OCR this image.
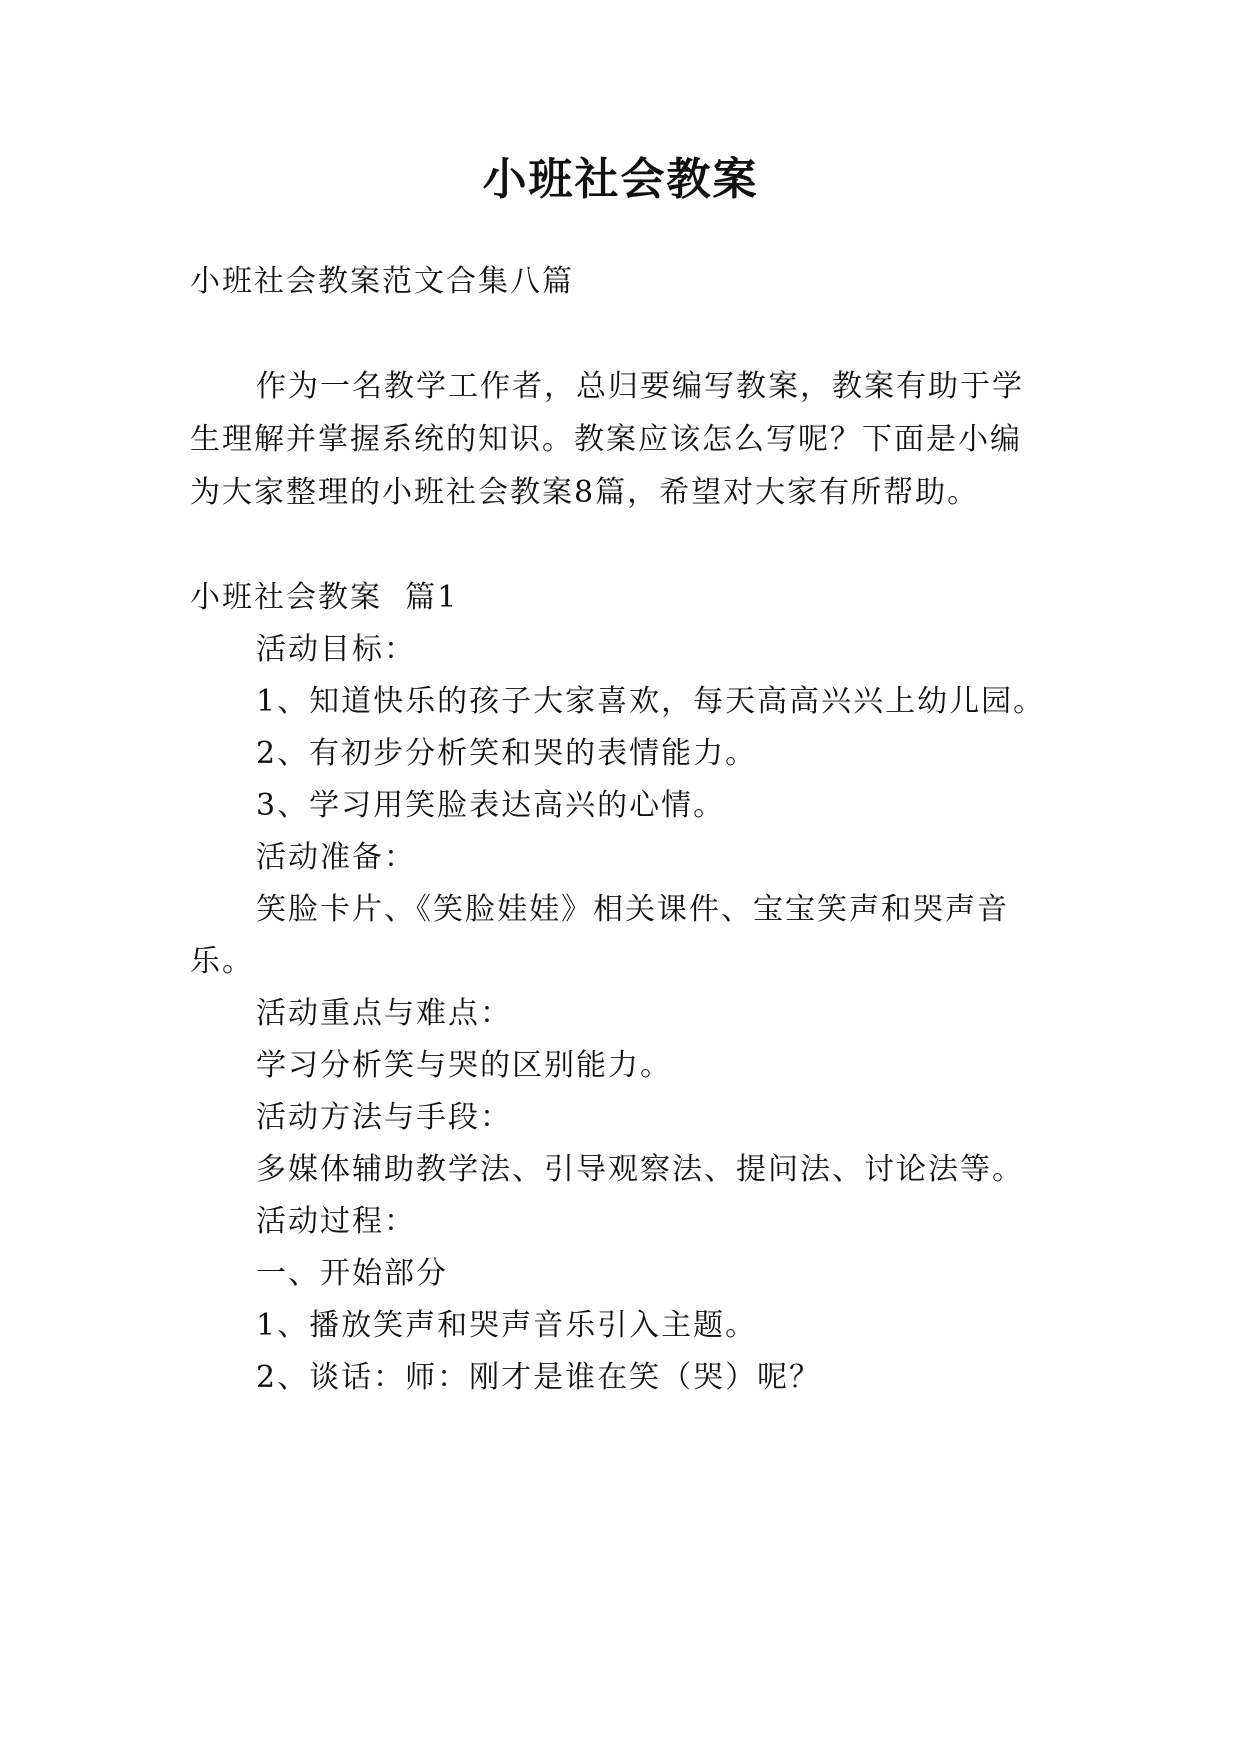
小班社会教案
小班社会教案范文合集八篇
作为一名教学工作者，总归要编写教案，教案有助于学
生理解并掌握系统的知识。教案应该怎么写呢？下面是小编
为大家整理的小班社会教案8篇，希望对大家有所帮助。
小班社会教案  篇1
活动目标：
1、知道快乐的孩子大家喜欢，每天高高兴兴上幼儿园。
2、有初步分析笑和哭的表情能力。
3、学习用笑脸表达高兴的心情。
活动准备：
笑脸卡片、《笑脸娃娃》相关课件、宝宝笑声和哭声音
乐。
活动重点与难点：
学习分析笑与哭的区别能力。
活动方法与手段：
多媒体辅助教学法、引导观察法、提问法、讨论法等。
活动过程：
一、开始部分
1、播放笑声和哭声音乐引入主题。
2、谈话：师：刚才是谁在笑（哭）呢？
